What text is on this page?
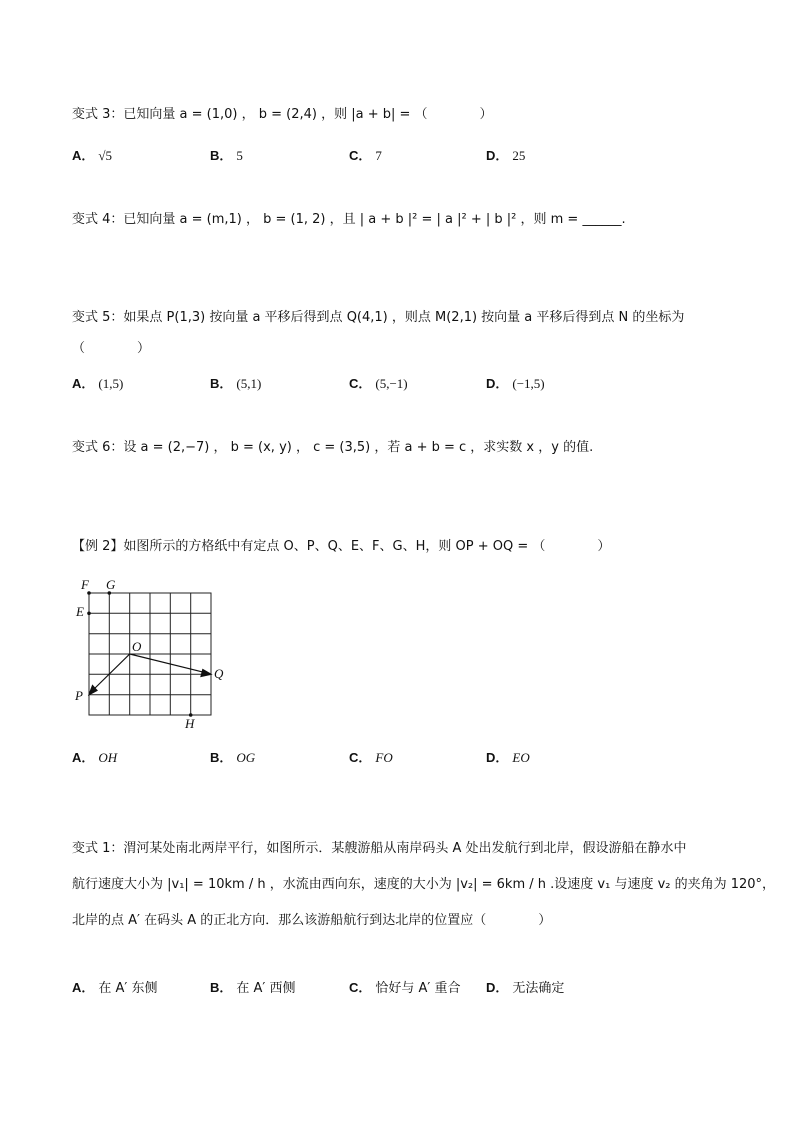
变式 3：已知向量 a = (1,0) ， b = (2,4) ，则 |a + b| = （　　　　）
A． √5	B． 5	C． 7	D． 25
变式 4：已知向量 a = (m,1) ， b = (1, 2) ，且 | a + b |² = | a |² + | b |² ，则 m = ______.
变式 5：如果点 P(1,3) 按向量 a 平移后得到点 Q(4,1) ，则点 M(2,1) 按向量 a 平移后得到点 N 的坐标为
（　　　　）
A． (1,5)	B． (5,1)	C． (5,−1)	D． (−1,5)
变式 6：设 a = (2,−7) ， b = (x, y) ， c = (3,5) ，若 a + b = c ，求实数 x ，y 的值.
【例 2】如图所示的方格纸中有定点 O、P、Q、E、F、G、H，则 OP + OQ = （　　　　）
F G
E
O
Q
P
H
A． OH	B． OG	C． FO	D． EO
变式 1：渭河某处南北两岸平行，如图所示．某艘游船从南岸码头 A 处出发航行到北岸，假设游船在静水中
航行速度大小为 |v₁| = 10km / h ，水流由西向东，速度的大小为 |v₂| = 6km / h .设速度 v₁ 与速度 v₂ 的夹角为 120°，
北岸的点 A′ 在码头 A 的正北方向．那么该游船航行到达北岸的位置应（　　　　）
A． 在 A′ 东侧	B． 在 A′ 西侧	C． 恰好与 A′ 重合 D． 无法确定
